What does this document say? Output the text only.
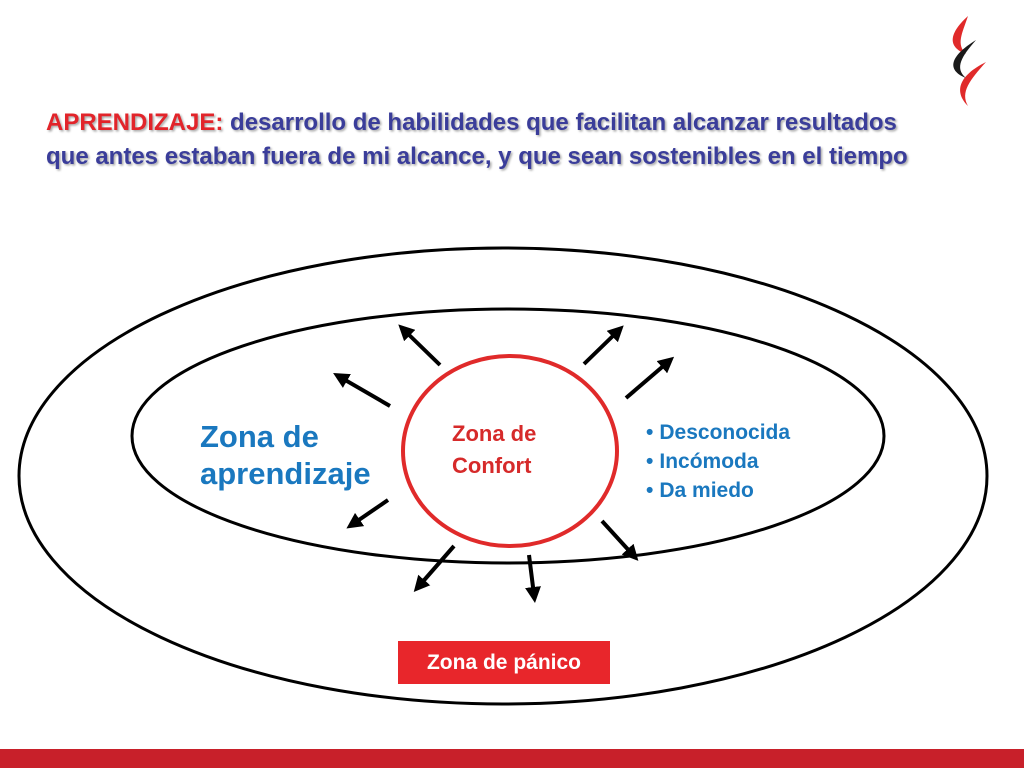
APRENDIZAJE: desarrollo de habilidades que facilitan alcanzar resultados que antes estaban fuera de mi alcance, y que sean sostenibles en el tiempo

Zona de
aprendizaje
Zona de
Confort
• Desconocida
• Incómoda
• Da miedo
Zona de pánico
